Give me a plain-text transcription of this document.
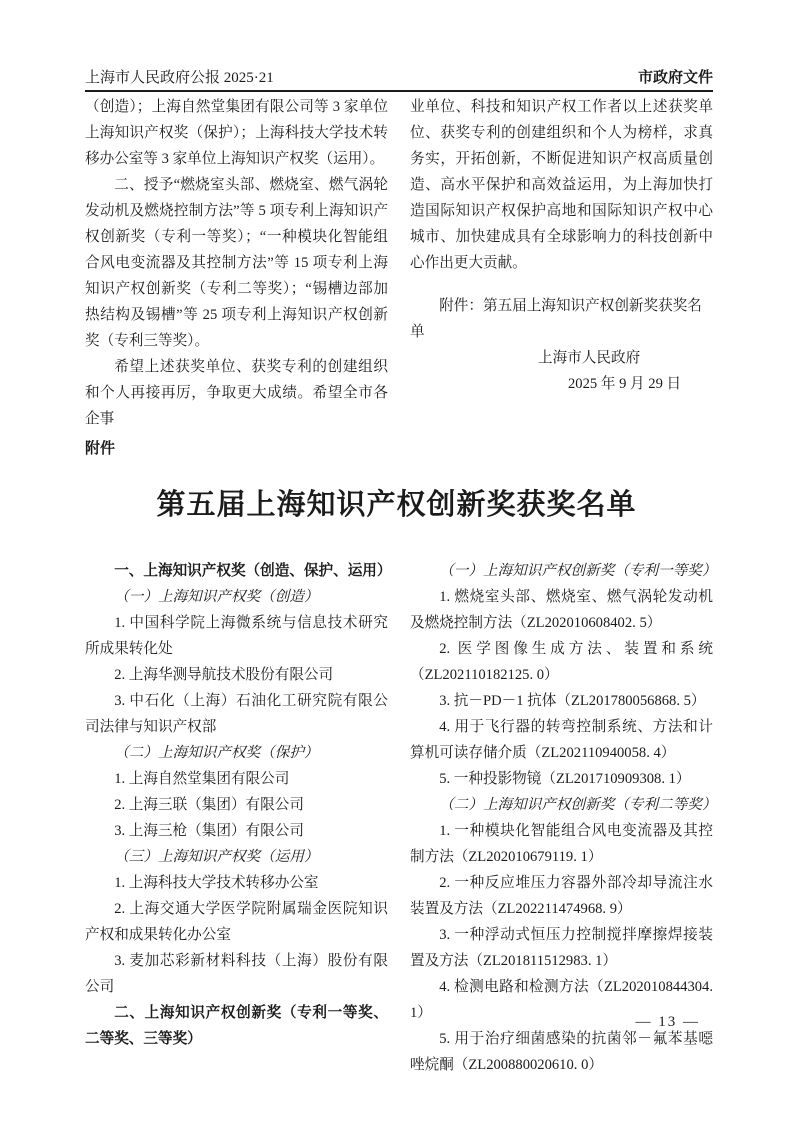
上海市人民政府公报 2025·21	市政府文件

（创造）；上海自然堂集团有限公司等 3 家单位上海知识产权奖（保护）；上海科技大学技术转移办公室等 3 家单位上海知识产权奖（运用）。

二、授予“燃烧室头部、燃烧室、燃气涡轮发动机及燃烧控制方法”等 5 项专利上海知识产权创新奖（专利一等奖）；“一种模块化智能组合风电变流器及其控制方法”等 15 项专利上海知识产权创新奖（专利二等奖）；“锡槽边部加热结构及锡槽”等 25 项专利上海知识产权创新奖（专利三等奖）。

希望上述获奖单位、获奖专利的创建组织和个人再接再厉，争取更大成绩。希望全市各企事

业单位、科技和知识产权工作者以上述获奖单位、获奖专利的创建组织和个人为榜样，求真务实，开拓创新，不断促进知识产权高质量创造、高水平保护和高效益运用，为上海加快打造国际知识产权保护高地和国际知识产权中心城市、加快建成具有全球影响力的科技创新中心作出更大贡献。

附件：第五届上海知识产权创新奖获奖名单

上海市人民政府

2025 年 9 月 29 日

附件
第五届上海知识产权创新奖获奖名单

一、上海知识产权奖（创造、保护、运用）

（一）上海知识产权奖（创造）

1. 中国科学院上海微系统与信息技术研究所成果转化处

2. 上海华测导航技术股份有限公司

3. 中石化（上海）石油化工研究院有限公司法律与知识产权部

（二）上海知识产权奖（保护）

1. 上海自然堂集团有限公司

2. 上海三联（集团）有限公司

3. 上海三枪（集团）有限公司

（三）上海知识产权奖（运用）

1. 上海科技大学技术转移办公室

2. 上海交通大学医学院附属瑞金医院知识产权和成果转化办公室

3. 麦加芯彩新材料科技（上海）股份有限公司

二、上海知识产权创新奖（专利一等奖、二等奖、三等奖）

（一）上海知识产权创新奖（专利一等奖）

1. 燃烧室头部、燃烧室、燃气涡轮发动机及燃烧控制方法（ZL202010608402. 5）

2. 医学图像生成方法、装置和系统（ZL202110182125. 0）

3. 抗－PD－1 抗体（ZL201780056868. 5）

4. 用于飞行器的转弯控制系统、方法和计算机可读存储介质（ZL202110940058. 4）

5. 一种投影物镜（ZL201710909308. 1）

（二）上海知识产权创新奖（专利二等奖）

1. 一种模块化智能组合风电变流器及其控制方法（ZL202010679119. 1）

2. 一种反应堆压力容器外部冷却导流注水装置及方法（ZL202211474968. 9）

3. 一种浮动式恒压力控制搅拌摩擦焊接装置及方法（ZL201811512983. 1）

4. 检测电路和检测方法（ZL202010844304. 1）

5. 用于治疗细菌感染的抗菌邻－氟苯基噁唑烷酮（ZL200880020610. 0）

— 13 —
